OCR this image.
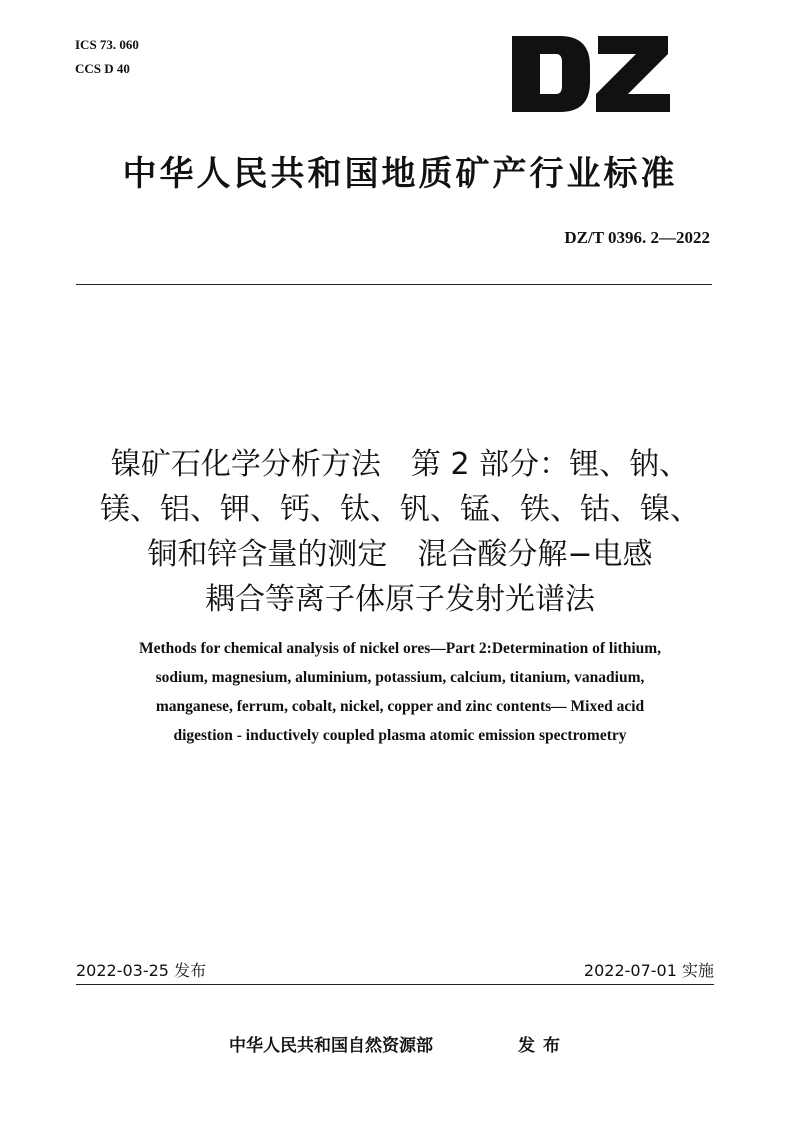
ICS 73. 060
CCS D 40
中华人民共和国地质矿产行业标准
DZ/T 0396. 2—2022
镍矿石化学分析方法　第 2 部分：锂、钠、
镁、铝、钾、钙、钛、钒、锰、铁、钴、镍、
铜和锌含量的测定　混合酸分解−电感
耦合等离子体原子发射光谱法
Methods for chemical analysis of nickel ores—Part 2:Determination of lithium,
sodium, magnesium, aluminium, potassium, calcium, titanium, vanadium,
manganese, ferrum, cobalt, nickel, copper and zinc contents— Mixed acid
digestion - inductively coupled plasma atomic emission spectrometry
2022-03-25 发布	2022-07-01 实施
中华人民共和国自然资源部	发布
